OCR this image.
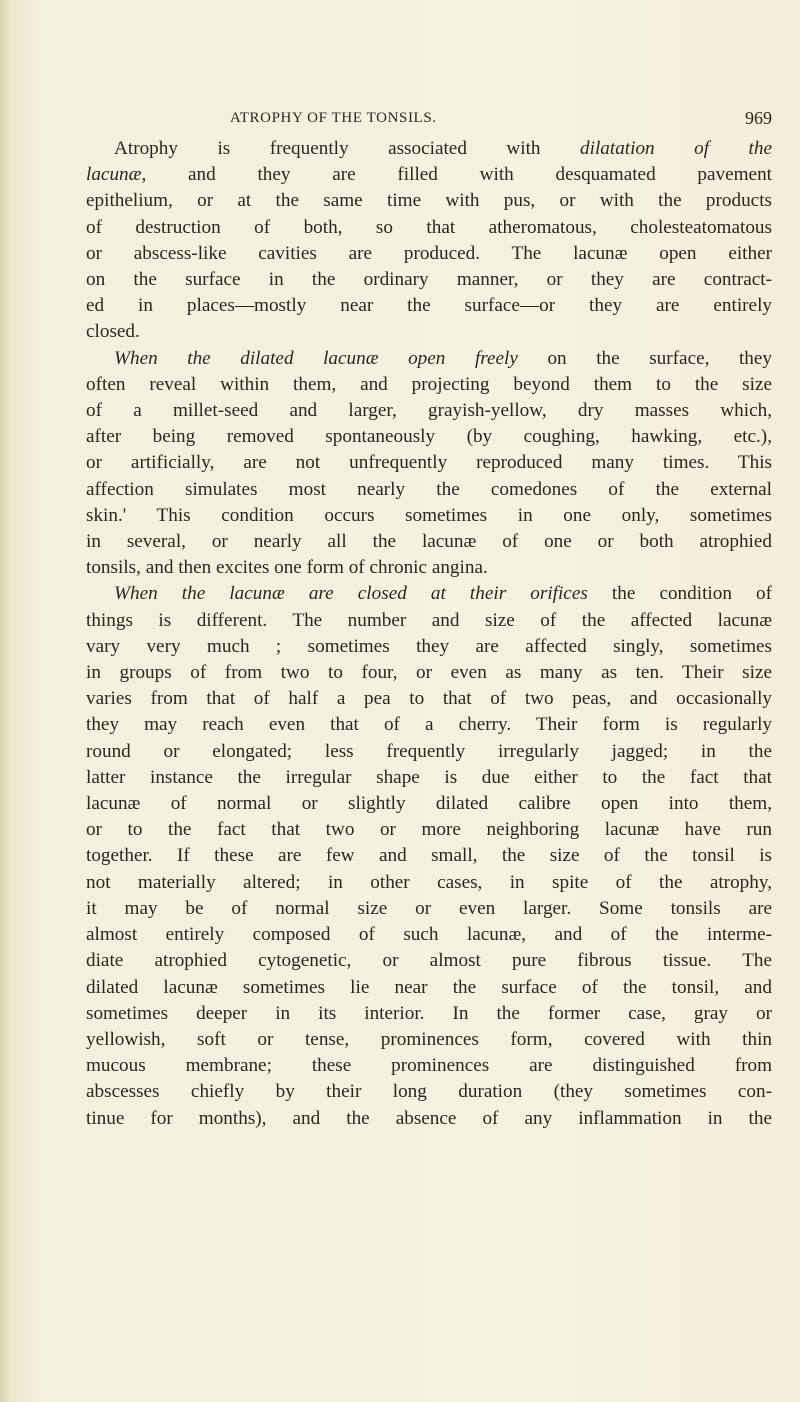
ATROPHY OF THE TONSILS.	969

Atrophy is frequently associated with dilatation of the
lacunæ, and they are filled with desquamated pavement
epithelium, or at the same time with pus, or with the products
of destruction of both, so that atheromatous, cholesteatomatous
or abscess-like cavities are produced. The lacunæ open either
on the surface in the ordinary manner, or they are contract-
ed in places—mostly near the surface—or they are entirely
closed.

When the dilated lacunæ open freely on the surface, they
often reveal within them, and projecting beyond them to the size
of a millet-seed and larger, grayish-yellow, dry masses which,
after being removed spontaneously (by coughing, hawking, etc.),
or artificially, are not unfrequently reproduced many times. This
affection simulates most nearly the comedones of the external
skin.' This condition occurs sometimes in one only, sometimes
in several, or nearly all the lacunæ of one or both atrophied
tonsils, and then excites one form of chronic angina.

When the lacunæ are closed at their orifices the condition of
things is different. The number and size of the affected lacunæ
vary very much ; sometimes they are affected singly, sometimes
in groups of from two to four, or even as many as ten. Their size
varies from that of half a pea to that of two peas, and occasionally
they may reach even that of a cherry. Their form is regularly
round or elongated; less frequently irregularly jagged; in the
latter instance the irregular shape is due either to the fact that
lacunæ of normal or slightly dilated calibre open into them,
or to the fact that two or more neighboring lacunæ have run
together. If these are few and small, the size of the tonsil is
not materially altered; in other cases, in spite of the atrophy,
it may be of normal size or even larger. Some tonsils are
almost entirely composed of such lacunæ, and of the interme-
diate atrophied cytogenetic, or almost pure fibrous tissue. The
dilated lacunæ sometimes lie near the surface of the tonsil, and
sometimes deeper in its interior. In the former case, gray or
yellowish, soft or tense, prominences form, covered with thin
mucous membrane; these prominences are distinguished from
abscesses chiefly by their long duration (they sometimes con-
tinue for months), and the absence of any inflammation in the
